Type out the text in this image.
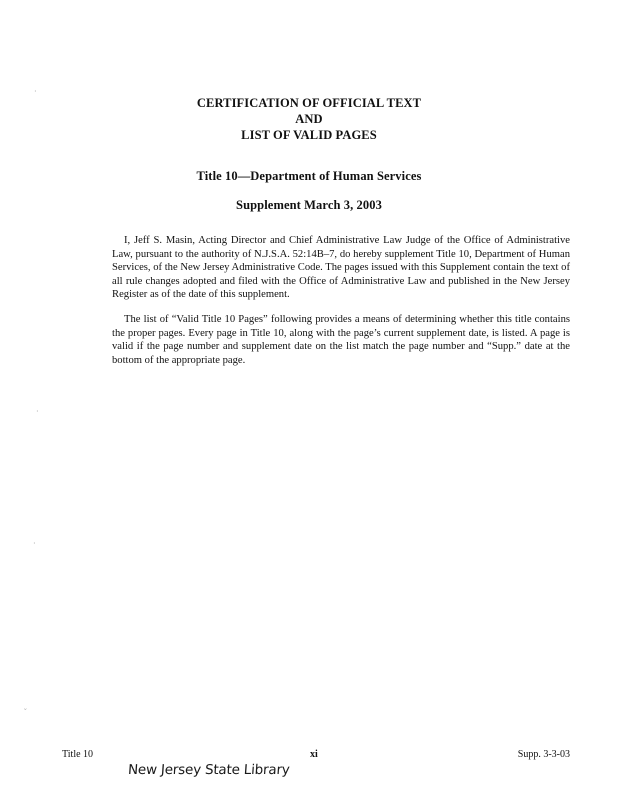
CERTIFICATION OF OFFICIAL TEXT
AND
LIST OF VALID PAGES
Title 10—Department of Human Services
Supplement March 3, 2003

I, Jeff S. Masin, Acting Director and Chief Administrative Law Judge of the Office of Administrative Law, pursuant to the authority of N.J.S.A. 52:14B–7, do hereby supplement Title 10, Department of Human Services, of the New Jersey Administrative Code. The pages issued with this Supplement contain the text of all rule changes adopted and filed with the Office of Administrative Law and published in the New Jersey Register as of the date of this supplement.

The list of “Valid Title 10 Pages” following provides a means of determining whether this title contains the proper pages. Every page in Title 10, along with the page’s current supplement date, is listed. A page is valid if the page number and supplement date on the list match the page number and “Supp.” date at the bottom of the appropriate page.

Title 10	xi	Supp. 3-3-03
New Jersey State Library
·
·
·
˘
